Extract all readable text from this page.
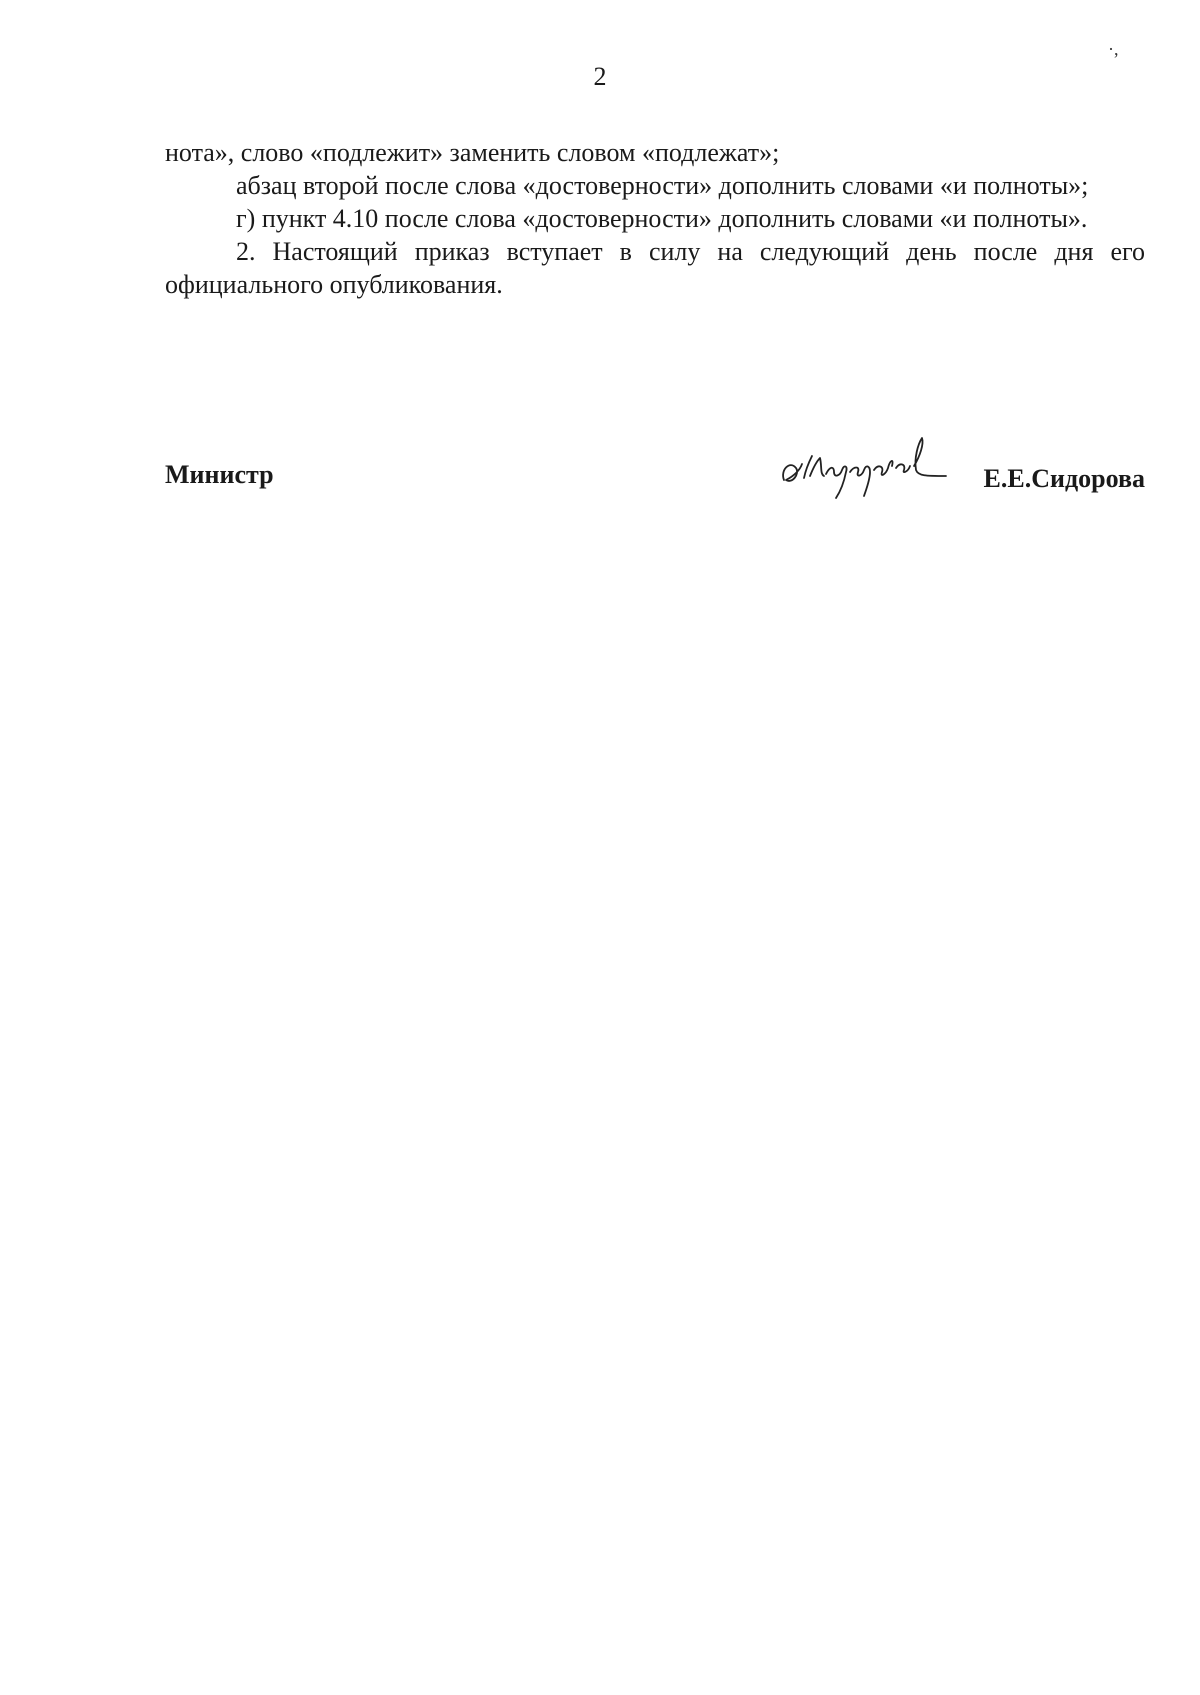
·,
2

нота», слово «подлежит» заменить словом «подлежат»;

абзац второй после слова «достоверности» дополнить словами «и полноты»;

г) пункт 4.10 после слова «достоверности» дополнить словами «и полноты».

2. Настоящий приказ вступает в силу на следующий день после дня его официального опубликования.

Министр	Е.Е.Сидорова
